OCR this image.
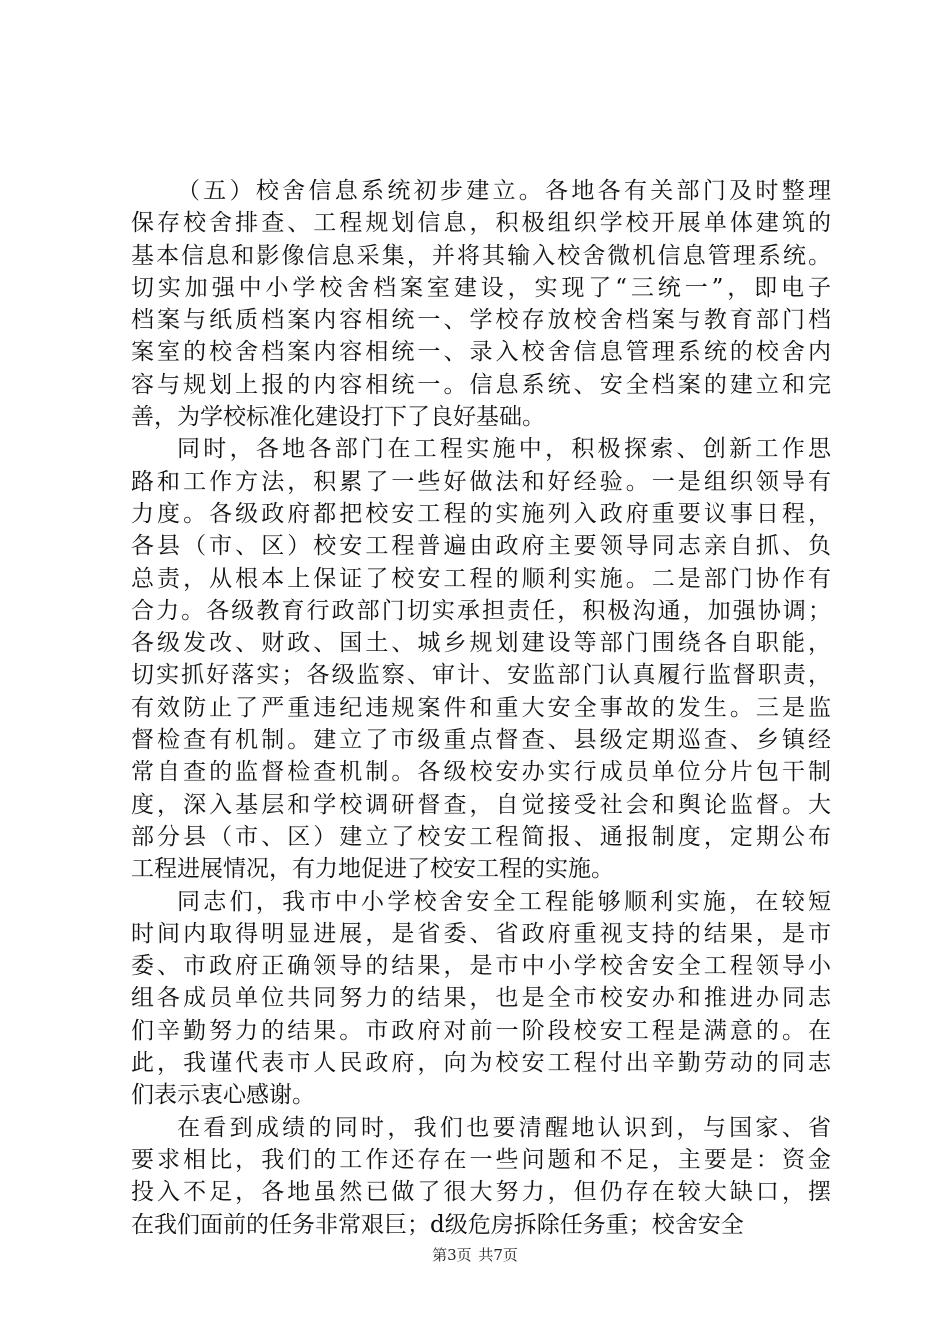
（五）校舍信息系统初步建立。各地各有关部门及时整理
保存校舍排查、工程规划信息，积极组织学校开展单体建筑的
基本信息和影像信息采集，并将其输入校舍微机信息管理系统。
切实加强中小学校舍档案室建设，实现了“三统一”，即电子
档案与纸质档案内容相统一、学校存放校舍档案与教育部门档
案室的校舍档案内容相统一、录入校舍信息管理系统的校舍内
容与规划上报的内容相统一。信息系统、安全档案的建立和完
善，为学校标准化建设打下了良好基础。
同时，各地各部门在工程实施中，积极探索、创新工作思
路和工作方法，积累了一些好做法和好经验。一是组织领导有
力度。各级政府都把校安工程的实施列入政府重要议事日程，
各县（市、区）校安工程普遍由政府主要领导同志亲自抓、负
总责，从根本上保证了校安工程的顺利实施。二是部门协作有
合力。各级教育行政部门切实承担责任，积极沟通，加强协调；
各级发改、财政、国土、城乡规划建设等部门围绕各自职能，
切实抓好落实；各级监察、审计、安监部门认真履行监督职责，
有效防止了严重违纪违规案件和重大安全事故的发生。三是监
督检查有机制。建立了市级重点督查、县级定期巡查、乡镇经
常自查的监督检查机制。各级校安办实行成员单位分片包干制
度，深入基层和学校调研督查，自觉接受社会和舆论监督。大
部分县（市、区）建立了校安工程简报、通报制度，定期公布
工程进展情况，有力地促进了校安工程的实施。
同志们，我市中小学校舍安全工程能够顺利实施，在较短
时间内取得明显进展，是省委、省政府重视支持的结果，是市
委、市政府正确领导的结果，是市中小学校舍安全工程领导小
组各成员单位共同努力的结果，也是全市校安办和推进办同志
们辛勤努力的结果。市政府对前一阶段校安工程是满意的。在
此，我谨代表市人民政府，向为校安工程付出辛勤劳动的同志
们表示衷心感谢。
在看到成绩的同时，我们也要清醒地认识到，与国家、省
要求相比，我们的工作还存在一些问题和不足，主要是：资金
投入不足，各地虽然已做了很大努力，但仍存在较大缺口，摆
在我们面前的任务非常艰巨；d级危房拆除任务重；校舍安全
第3页 共7页
